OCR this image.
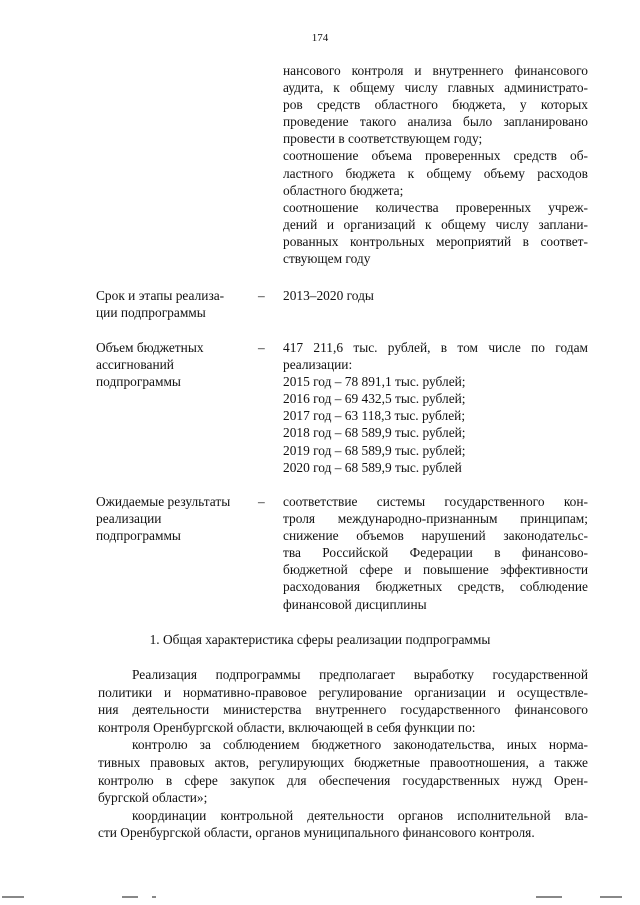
174
нансового контроля и внутреннего финансового
аудита, к общему числу главных администрато-
ров средств областного бюджета, у которых
проведение такого анализа было запланировано
провести в соответствующем году;
соотношение объема проверенных средств об-
ластного бюджета к общему объему расходов
областного бюджета;
соотношение количества проверенных учреж-
дений и организаций к общему числу заплани-
рованных контрольных мероприятий в соответ-
ствующем году
Срок и этапы реализа-
ции подпрограммы
– 2013–2020 годы
Объем бюджетных
ассигнований
подпрограммы
– 417 211,6 тыс. рублей, в том числе по годам
реализации:
2015 год – 78 891,1 тыс. рублей;
2016 год – 69 432,5 тыс. рублей;
2017 год – 63 118,3 тыс. рублей;
2018 год – 68 589,9 тыс. рублей;
2019 год – 68 589,9 тыс. рублей;
2020 год – 68 589,9 тыс. рублей
Ожидаемые результаты
реализации
подпрограммы
– соответствие системы государственного кон-
троля международно-признанным принципам;
снижение объемов нарушений законодательс-
тва Российской Федерации в финансово-
бюджетной сфере и повышение эффективности
расходования бюджетных средств, соблюдение
финансовой дисциплины
1. Общая характеристика сферы реализации подпрограммы
Реализация подпрограммы предполагает выработку государственной
политики и нормативно-правовое регулирование организации и осуществле-
ния деятельности министерства внутреннего государственного финансового
контроля Оренбургской области, включающей в себя функции по:
контролю за соблюдением бюджетного законодательства, иных норма-
тивных правовых актов, регулирующих бюджетные правоотношения, а также
контролю в сфере закупок для обеспечения государственных нужд Орен-
бургской области»;
координации контрольной деятельности органов исполнительной вла-
сти Оренбургской области, органов муниципального финансового контроля.
